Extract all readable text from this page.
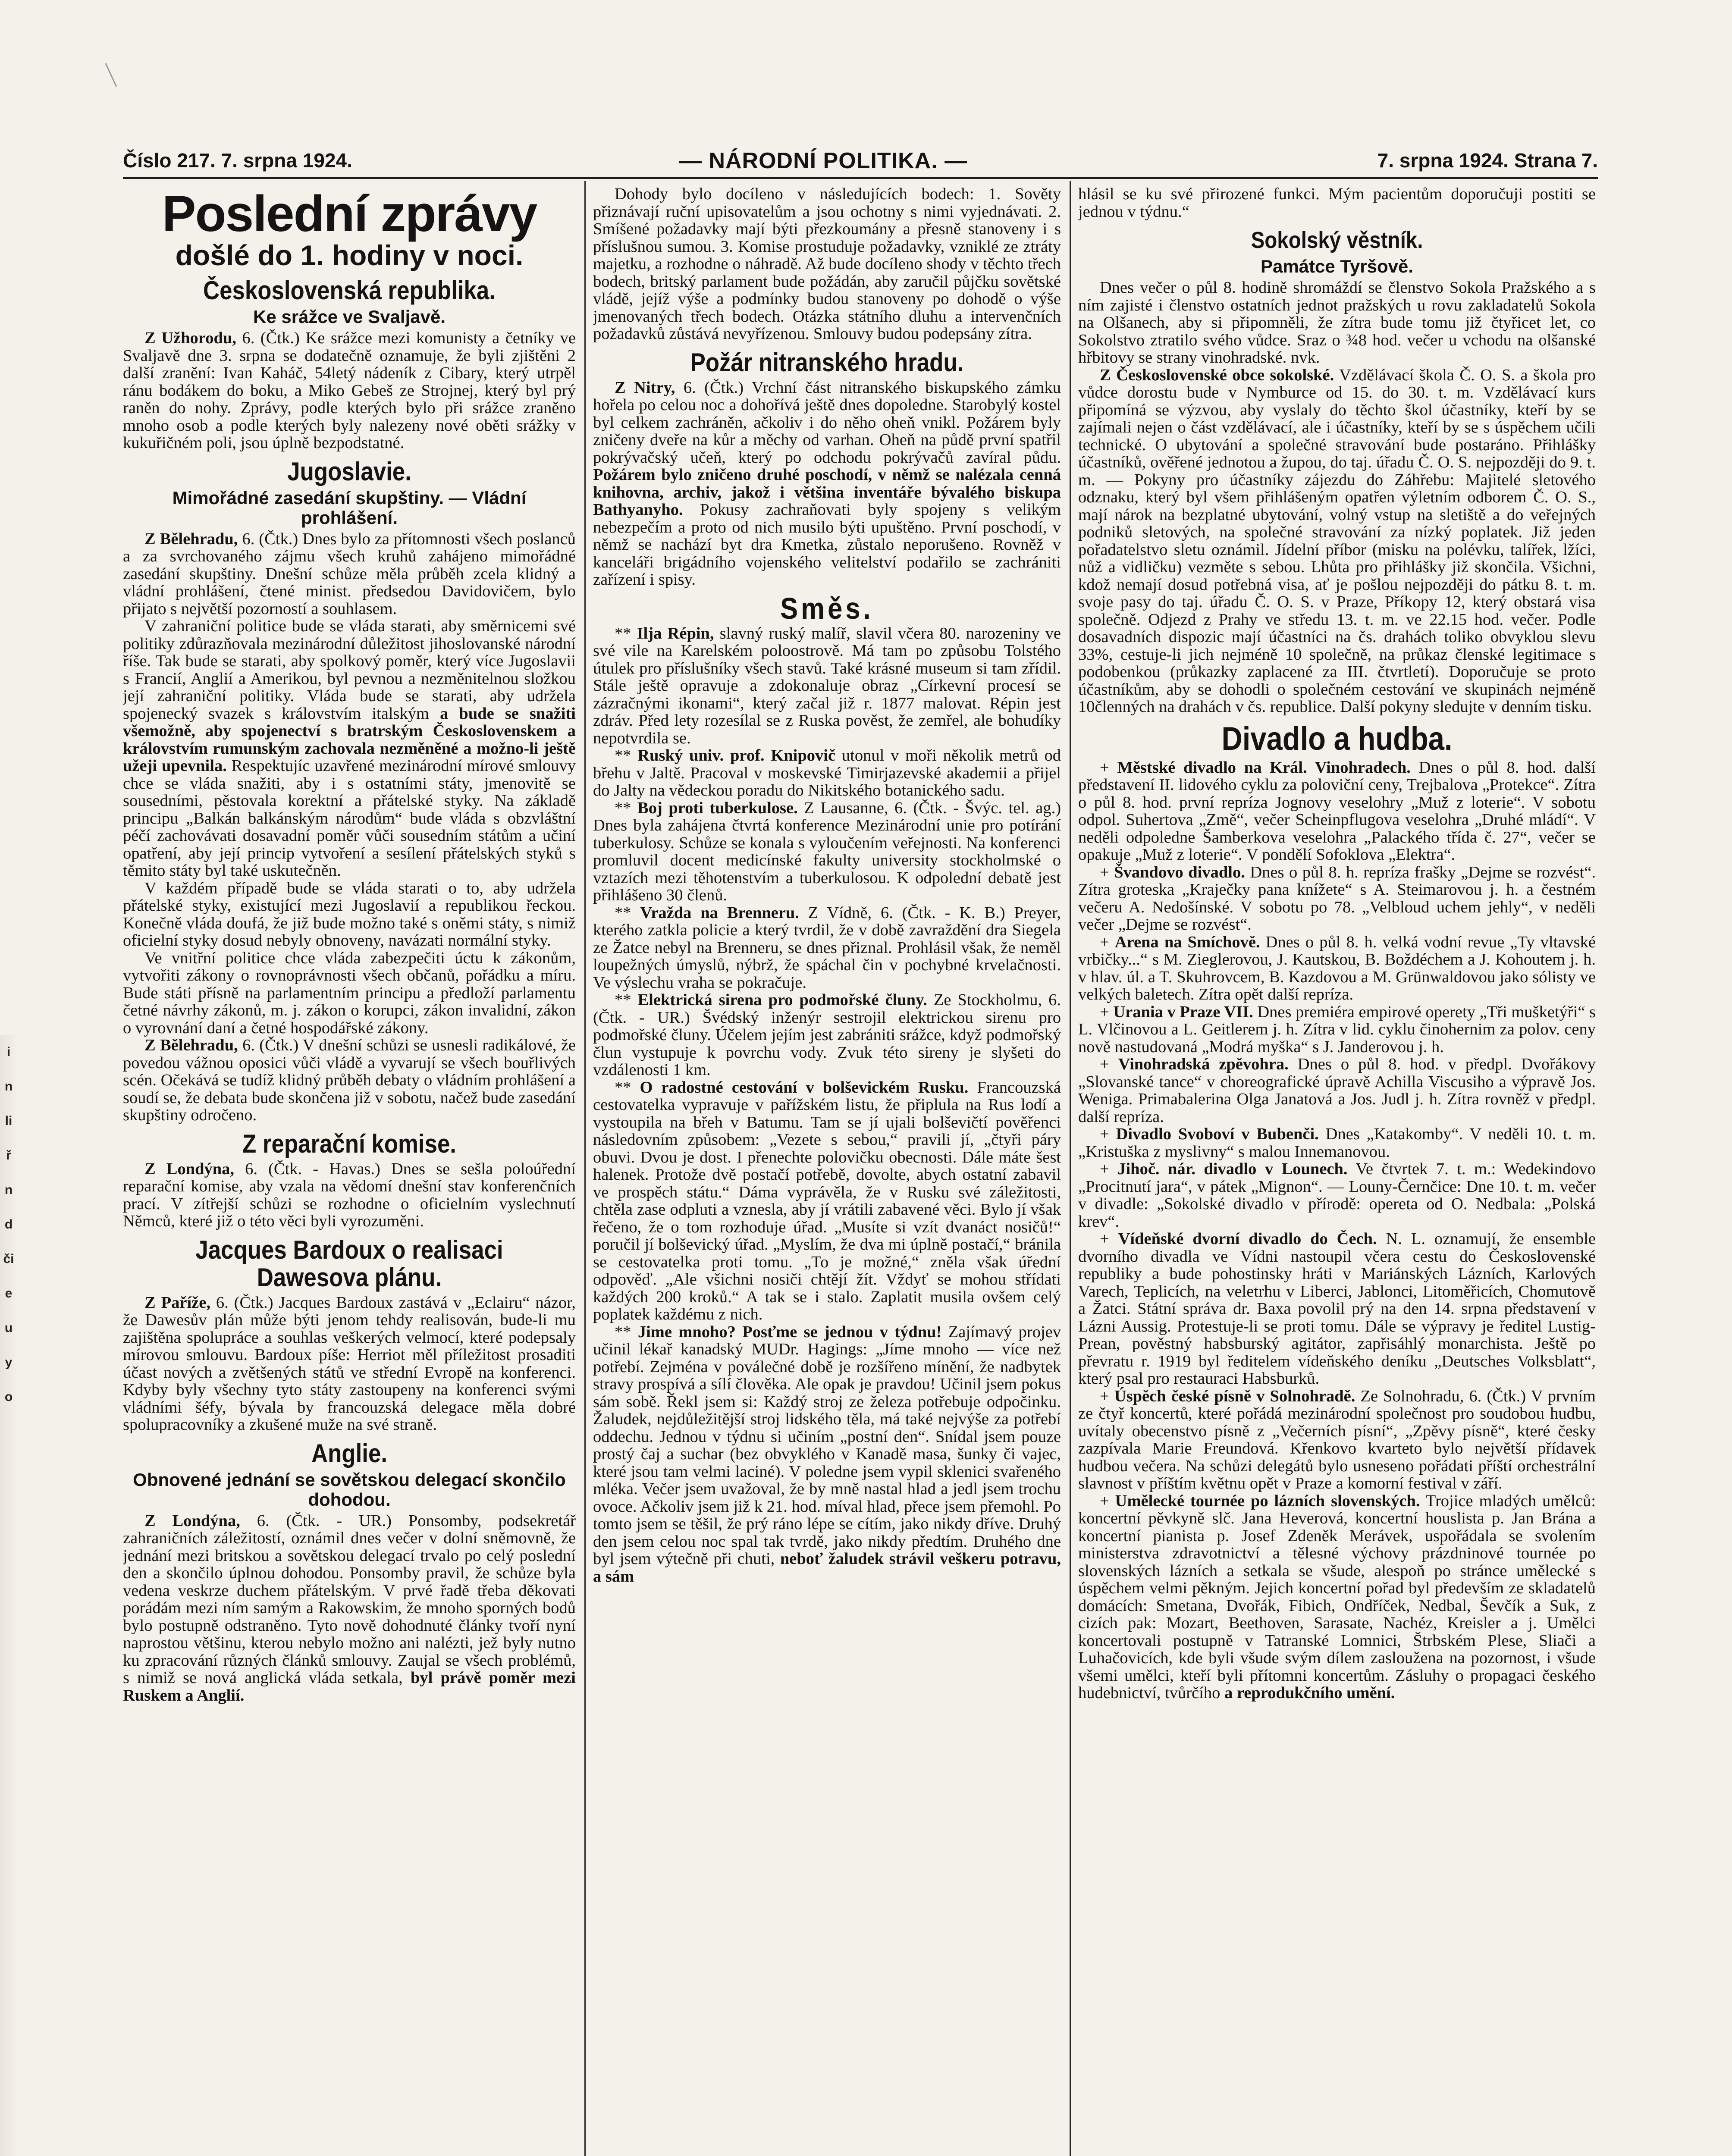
Číslo 217. 7. srpna 1924.	— NÁRODNÍ POLITIKA. —	7. srpna 1924. Strana 7.
i
n
li
ř
n
d
či
e
u
y
o
Poslední zprávy
došlé do 1. hodiny v noci.
Československá republika.
Ke srážce ve Svaljavě.

Z Užhorodu, 6. (Čtk.) Ke srážce mezi komunisty a četníky ve Svaljavě dne 3. srpna se dodatečně oznamuje, že byli zjištěni 2 další zranění: Ivan Kaháč, 54letý nádeník z Cibary, který utrpěl ránu bodákem do boku, a Miko Gebeš ze Strojnej, který byl prý raněn do nohy. Zprávy, podle kterých bylo při srážce zraněno mnoho osob a podle kterých byly nalezeny nové oběti srážky v kukuřičném poli, jsou úplně bezpodstatné.

Jugoslavie.
Mimořádné zasedání skupštiny. — Vládní prohlášení.

Z Bělehradu, 6. (Čtk.) Dnes bylo za přítomnosti všech poslanců a za svrchovaného zájmu všech kruhů zahájeno mimořádné zasedání skupštiny. Dnešní schůze měla průběh zcela klidný a vládní prohlášení, čtené minist. předsedou Davidovičem, bylo přijato s největší pozorností a souhlasem.

V zahraniční politice bude se vláda starati, aby směrnicemi své politiky zdůrazňovala mezinárodní důležitost jihoslovanské národní říše. Tak bude se starati, aby spolkový poměr, který více Jugoslavii s Francií, Anglií a Amerikou, byl pevnou a nezměnitelnou složkou její zahraniční politiky. Vláda bude se starati, aby udržela spojenecký svazek s královstvím italským a bude se snažiti všemožně, aby spojenectví s bratrským Československem a královstvím rumunským zachovala nezměněné a možno-li ještě užeji upevnila. Respektujíc uzavřené mezinárodní mírové smlouvy chce se vláda snažiti, aby i s ostatními státy, jmenovitě se sousedními, pěstovala korektní a přátelské styky. Na základě principu „Balkán balkánským národům“ bude vláda s obzvláštní péčí zachovávati dosavadní poměr vůči sousedním státům a učiní opatření, aby její princip vytvoření a sesílení přátelských styků s těmito státy byl také uskutečněn.

V každém případě bude se vláda starati o to, aby udržela přátelské styky, existující mezi Jugoslavií a republikou řeckou. Konečně vláda doufá, že již bude možno také s oněmi státy, s nimiž oficielní styky dosud nebyly obnoveny, navázati normální styky.

Ve vnitřní politice chce vláda zabezpečiti úctu k zákonům, vytvořiti zákony o rovnoprávnosti všech občanů, pořádku a míru. Bude státi přísně na parlamentním principu a předloží parlamentu četné návrhy zákonů, m. j. zákon o korupci, zákon invalidní, zákon o vyrovnání daní a četné hospodářské zákony.

Z Bělehradu, 6. (Čtk.) V dnešní schůzi se usnesli radikálové, že povedou vážnou oposici vůči vládě a vyvarují se všech bouřlivých scén. Očekává se tudíž klidný průběh debaty o vládním prohlášení a soudí se, že debata bude skončena již v sobotu, načež bude zasedání skupštiny odročeno.

Z reparační komise.

Z Londýna, 6. (Čtk. - Havas.) Dnes se sešla poloúřední reparační komise, aby vzala na vědomí dnešní stav konferenčních prací. V zítřejší schůzi se rozhodne o oficielním vyslechnutí Němců, které již o této věci byli vyrozuměni.

Jacques Bardoux o realisaci Dawesova plánu.

Z Paříže, 6. (Čtk.) Jacques Bardoux zastává v „Eclairu“ názor, že Dawesův plán může býti jenom tehdy realisován, bude-li mu zajištěna spolupráce a souhlas veškerých velmocí, které podepsaly mírovou smlouvu. Bardoux píše: Herriot měl příležitost prosaditi účast nových a zvětšených států ve střední Evropě na konferenci. Kdyby byly všechny tyto státy zastoupeny na konferenci svými vládními šéfy, bývala by francouzská delegace měla dobré spolupracovníky a zkušené muže na své straně.

Anglie.
Obnovené jednání se sovětskou delegací skončilo dohodou.

Z Londýna, 6. (Čtk. - UR.) Ponsomby, podsekretář zahraničních záležitostí, oznámil dnes večer v dolní sněmovně, že jednání mezi britskou a sovětskou delegací trvalo po celý poslední den a skončilo úplnou dohodou. Ponsomby pravil, že schůze byla vedena veskrze duchem přátelským. V prvé řadě třeba děkovati porádám mezi ním samým a Rakowskim, že mnoho sporných bodů bylo postupně odstraněno. Tyto nově dohodnuté články tvoří nyní naprostou většinu, kterou nebylo možno ani nalézti, jež byly nutno ku zpracování různých článků smlouvy. Zaujal se všech problémů, s nimiž se nová anglická vláda setkala, byl právě poměr mezi Ruskem a Anglií.

Dohody bylo docíleno v následujících bodech: 1. Sověty přiznávají ruční upisovatelům a jsou ochotny s nimi vyjednávati. 2. Smíšené požadavky mají býti přezkoumány a přesně stanoveny i s příslušnou sumou. 3. Komise prostuduje požadavky, vzniklé ze ztráty majetku, a rozhodne o náhradě. Až bude docíleno shody v těchto třech bodech, britský parlament bude požádán, aby zaručil půjčku sovětské vládě, jejíž výše a podmínky budou stanoveny po dohodě o výše jmenovaných třech bodech. Otázka státního dluhu a intervenčních požadavků zůstává nevyřízenou. Smlouvy budou podepsány zítra.

Požár nitranského hradu.

Z Nitry, 6. (Čtk.) Vrchní část nitranského biskupského zámku hořela po celou noc a dohořívá ještě dnes dopoledne. Starobylý kostel byl celkem zachráněn, ačkoliv i do něho oheň vnikl. Požárem byly zničeny dveře na kůr a měchy od varhan. Oheň na půdě první spatřil pokrývačský učeň, který po odchodu pokrývačů zavíral půdu. Požárem bylo zničeno druhé poschodí, v němž se nalézala cenná knihovna, archiv, jakož i většina inventáře bývalého biskupa Bathyanyho. Pokusy zachraňovati byly spojeny s velikým nebezpečím a proto od nich musilo býti upuštěno. První poschodí, v němž se nachází byt dra Kmetka, zůstalo neporušeno. Rovněž v kanceláři brigádního vojenského velitelství podařilo se zachrániti zařízení i spisy.

Směs.

** Ilja Répin, slavný ruský malíř, slavil včera 80. narozeniny ve své vile na Karelském poloostrově. Má tam po způsobu Tolstého útulek pro příslušníky všech stavů. Také krásné museum si tam zřídil. Stále ještě opravuje a zdokonaluje obraz „Církevní procesí se zázračnými ikonami“, který začal již r. 1877 malovat. Répin jest zdráv. Před lety rozesílal se z Ruska pověst, že zemřel, ale bohudíky nepotvrdila se.

** Ruský univ. prof. Knipovič utonul v moři několik metrů od břehu v Jaltě. Pracoval v moskevské Timirjazevské akademii a přijel do Jalty na vědeckou poradu do Nikitského botanického sadu.

** Boj proti tuberkulose. Z Lausanne, 6. (Čtk. - Švýc. tel. ag.) Dnes byla zahájena čtvrtá konference Mezinárodní unie pro potírání tuberkulosy. Schůze se konala s vyloučením veřejnosti. Na konferenci promluvil docent medicínské fakulty university stockholmské o vztazích mezi těhotenstvím a tuberkulosou. K odpolední debatě jest přihlášeno 30 členů.

** Vražda na Brenneru. Z Vídně, 6. (Čtk. - K. B.) Preyer, kterého zatkla policie a který tvrdil, že v době zavraždění dra Siegela ze Žatce nebyl na Brenneru, se dnes přiznal. Prohlásil však, že neměl loupežných úmyslů, nýbrž, že spáchal čin v pochybné krvelačnosti. Ve výslechu vraha se pokračuje.

** Elektrická sirena pro podmořské čluny. Ze Stockholmu, 6. (Čtk. - UR.) Švédský inženýr sestrojil elektrickou sirenu pro podmořské čluny. Účelem jejím jest zabrániti srážce, když podmořský člun vystupuje k povrchu vody. Zvuk této sireny je slyšeti do vzdálenosti 1 km.

** O radostné cestování v bolševickém Rusku. Francouzská cestovatelka vypravuje v pařížském listu, že připlula na Rus lodí a vystoupila na břeh v Batumu. Tam se jí ujali bolševičtí pověřenci následovním způsobem: „Vezete s sebou,“ pravili jí, „čtyři páry obuvi. Dvou je dost. I přenechte polovičku obecnosti. Dále máte šest halenek. Protože dvě postačí potřebě, dovolte, abych ostatní zabavil ve prospěch státu.“ Dáma vyprávěla, že v Rusku své záležitosti, chtěla zase odpluti a vznesla, aby jí vrátili zabavené věci. Bylo jí však řečeno, že o tom rozhoduje úřad. „Musíte si vzít dvanáct nosičů!“ poručil jí bolševický úřad. „Myslím, že dva mi úplně postačí,“ bránila se cestovatelka proti tomu. „To je možné,“ zněla však úřední odpověď. „Ale všichni nosiči chtějí žít. Vždyť se mohou střídati každých 200 kroků.“ A tak se i stalo. Zaplatit musila ovšem celý poplatek každému z nich.

** Jime mnoho? Posťme se jednou v týdnu! Zajímavý projev učinil lékař kanadský MUDr. Hagings: „Jíme mnoho — více než potřebí. Zejména v poválečné době je rozšířeno mínění, že nadbytek stravy prospívá a sílí člověka. Ale opak je pravdou! Učinil jsem pokus sám sobě. Řekl jsem si: Každý stroj ze železa potřebuje odpočinku. Žaludek, nejdůležitější stroj lidského těla, má také nejvýše za potřebí oddechu. Jednou v týdnu si učiním „postní den“. Snídal jsem pouze prostý čaj a suchar (bez obvyklého v Kanadě masa, šunky či vajec, které jsou tam velmi laciné). V poledne jsem vypil sklenici svařeného mléka. Večer jsem uvažoval, že by mně nastal hlad a jedl jsem trochu ovoce. Ačkoliv jsem již k 21. hod. míval hlad, přece jsem přemohl. Po tomto jsem se těšil, že prý ráno lépe se cítím, jako nikdy dříve. Druhý den jsem celou noc spal tak tvrdě, jako nikdy předtím. Druhého dne byl jsem výtečně při chuti, neboť žaludek strávil veškeru potravu, a sám

hlásil se ku své přirozené funkci. Mým pacientům doporučuji postiti se jednou v týdnu.“

Sokolský věstník.
Památce Tyršově.

Dnes večer o půl 8. hodině shromáždí se členstvo Sokola Pražského a s ním zajisté i členstvo ostatních jednot pražských u rovu zakladatelů Sokola na Olšanech, aby si připomněli, že zítra bude tomu již čtyřicet let, co Sokolstvo ztratilo svého vůdce. Sraz o ¾8 hod. večer u vchodu na olšanské hřbitovy se strany vinohradské. nvk.

Z Československé obce sokolské. Vzdělávací škola Č. O. S. a škola pro vůdce dorostu bude v Nymburce od 15. do 30. t. m. Vzdělávací kurs připomíná se výzvou, aby vyslaly do těchto škol účastníky, kteří by se zajímali nejen o část vzdělávací, ale i účastníky, kteří by se s úspěchem učili technické. O ubytování a společné stravování bude postaráno. Přihlášky účastníků, ověřené jednotou a župou, do taj. úřadu Č. O. S. nejpozději do 9. t. m. — Pokyny pro účastníky zájezdu do Záhřebu: Majitelé sletového odznaku, který byl všem přihlášeným opatřen výletním odborem Č. O. S., mají nárok na bezplatné ubytování, volný vstup na sletiště a do veřejných podniků sletových, na společné stravování za nízký poplatek. Již jeden pořadatelstvo sletu oznámil. Jídelní příbor (misku na polévku, talířek, lžíci, nůž a vidličku) vezměte s sebou. Lhůta pro přihlášky již skončila. Všichni, kdož nemají dosud potřebná visa, ať je pošlou nejpozději do pátku 8. t. m. svoje pasy do taj. úřadu Č. O. S. v Praze, Příkopy 12, který obstará visa společně. Odjezd z Prahy ve středu 13. t. m. ve 22.15 hod. večer. Podle dosavadních dispozic mají účastníci na čs. drahách toliko obvyklou slevu 33%, cestuje-li jich nejméně 10 společně, na průkaz členské legitimace s podobenkou (průkazky zaplacené za III. čtvrtletí). Doporučuje se proto účastníkům, aby se dohodli o společném cestování ve skupinách nejméně 10členných na drahách v čs. republice. Další pokyny sledujte v denním tisku.

Divadlo a hudba.

+ Městské divadlo na Král. Vinohradech. Dnes o půl 8. hod. další představení II. lidového cyklu za poloviční ceny, Trejbalova „Protekce“. Zítra o půl 8. hod. první repríza Jognovy veselohry „Muž z loterie“. V sobotu odpol. Suhertova „Změ“, večer Scheinpflugova veselohra „Druhé mládí“. V neděli odpoledne Šamberkova veselohra „Palackého třída č. 27“, večer se opakuje „Muž z loterie“. V pondělí Sofoklova „Elektra“.

+ Švandovo divadlo. Dnes o půl 8. h. repríza frašky „Dejme se rozvést“. Zítra groteska „Kraječky pana knížete“ s A. Steimarovou j. h. a čestném večeru A. Nedošínské. V sobotu po 78. „Velbloud uchem jehly“, v neděli večer „Dejme se rozvést“.

+ Arena na Smíchově. Dnes o půl 8. h. velká vodní revue „Ty vltavské vrbičky...“ s M. Zieglerovou, J. Kautskou, B. Boždéchem a J. Kohoutem j. h. v hlav. úl. a T. Skuhrovcem, B. Kazdovou a M. Grünwaldovou jako sólisty ve velkých baletech. Zítra opět další repríza.

+ Urania v Praze VII. Dnes premiéra empirové operety „Tři mušketýři“ s L. Vlčinovou a L. Geitlerem j. h. Zítra v lid. cyklu činohernim za polov. ceny nově nastudovaná „Modrá myška“ s J. Janderovou j. h.

+ Vinohradská zpěvohra. Dnes o půl 8. hod. v předpl. Dvořákovy „Slovanské tance“ v choreografické úpravě Achilla Viscusiho a výpravě Jos. Weniga. Primabalerina Olga Janatová a Jos. Judl j. h. Zítra rovněž v předpl. další repríza.

+ Divadlo Svoboví v Bubenči. Dnes „Katakomby“. V neděli 10. t. m. „Kristuška z myslivny“ s malou Innemanovou.

+ Jihoč. nár. divadlo v Lounech. Ve čtvrtek 7. t. m.: Wedekindovo „Procitnutí jara“, v pátek „Mignon“. — Louny-Černčice: Dne 10. t. m. večer v divadle: „Sokolské divadlo v přírodě: opereta od O. Nedbala: „Polská krev“.

+ Vídeňské dvorní divadlo do Čech. N. L. oznamují, že ensemble dvorního divadla ve Vídni nastoupil včera cestu do Československé republiky a bude pohostinsky hráti v Mariánských Lázních, Karlových Varech, Teplicích, na veletrhu v Liberci, Jablonci, Litoměřicích, Chomutově a Žatci. Státní správa dr. Baxa povolil prý na den 14. srpna představení v Lázni Aussig. Protestuje-li se proti tomu. Dále se výpravy je ředitel Lustig-Prean, pověstný habsburský agitátor, zapřisáhlý monarchista. Ještě po převratu r. 1919 byl ředitelem vídeňského deníku „Deutsches Volksblatt“, který psal pro restauraci Habsburků.

+ Úspěch české písně v Solnohradě. Ze Solnohradu, 6. (Čtk.) V prvním ze čtyř koncertů, které pořádá mezinárodní společnost pro soudobou hudbu, uvítaly obecenstvo písně z „Večerních písní“, „Zpěvy písně“, které česky zazpívala Marie Freundová. Křenkovo kvarteto bylo největší přídavek hudbou večera. Na schůzi delegátů bylo usneseno pořádati příští orchestrální slavnost v příštím květnu opět v Praze a komorní festival v září.

+ Umělecké tournée po lázních slovenských. Trojice mladých umělců: koncertní pěvkyně slč. Jana Heverová, koncertní houslista p. Jan Brána a koncertní pianista p. Josef Zdeněk Merávek, uspořádala se svolením ministerstva zdravotnictví a tělesné výchovy prázdninové tournée po slovenských lázních a setkala se všude, alespoň po stránce umělecké s úspěchem velmi pěkným. Jejich koncertní pořad byl především ze skladatelů domácích: Smetana, Dvořák, Fibich, Ondříček, Nedbal, Ševčík a Suk, z cizích pak: Mozart, Beethoven, Sarasate, Nachéz, Kreisler a j. Umělci koncertovali postupně v Tatranské Lomnici, Štrbském Plese, Sliači a Luhačovicích, kde byli všude svým dílem zasloužena na pozornost, i všude všemi umělci, kteří byli přítomni koncertům. Zásluhy o propagaci českého hudebnictví, tvůrčího a reprodukčního umění.
